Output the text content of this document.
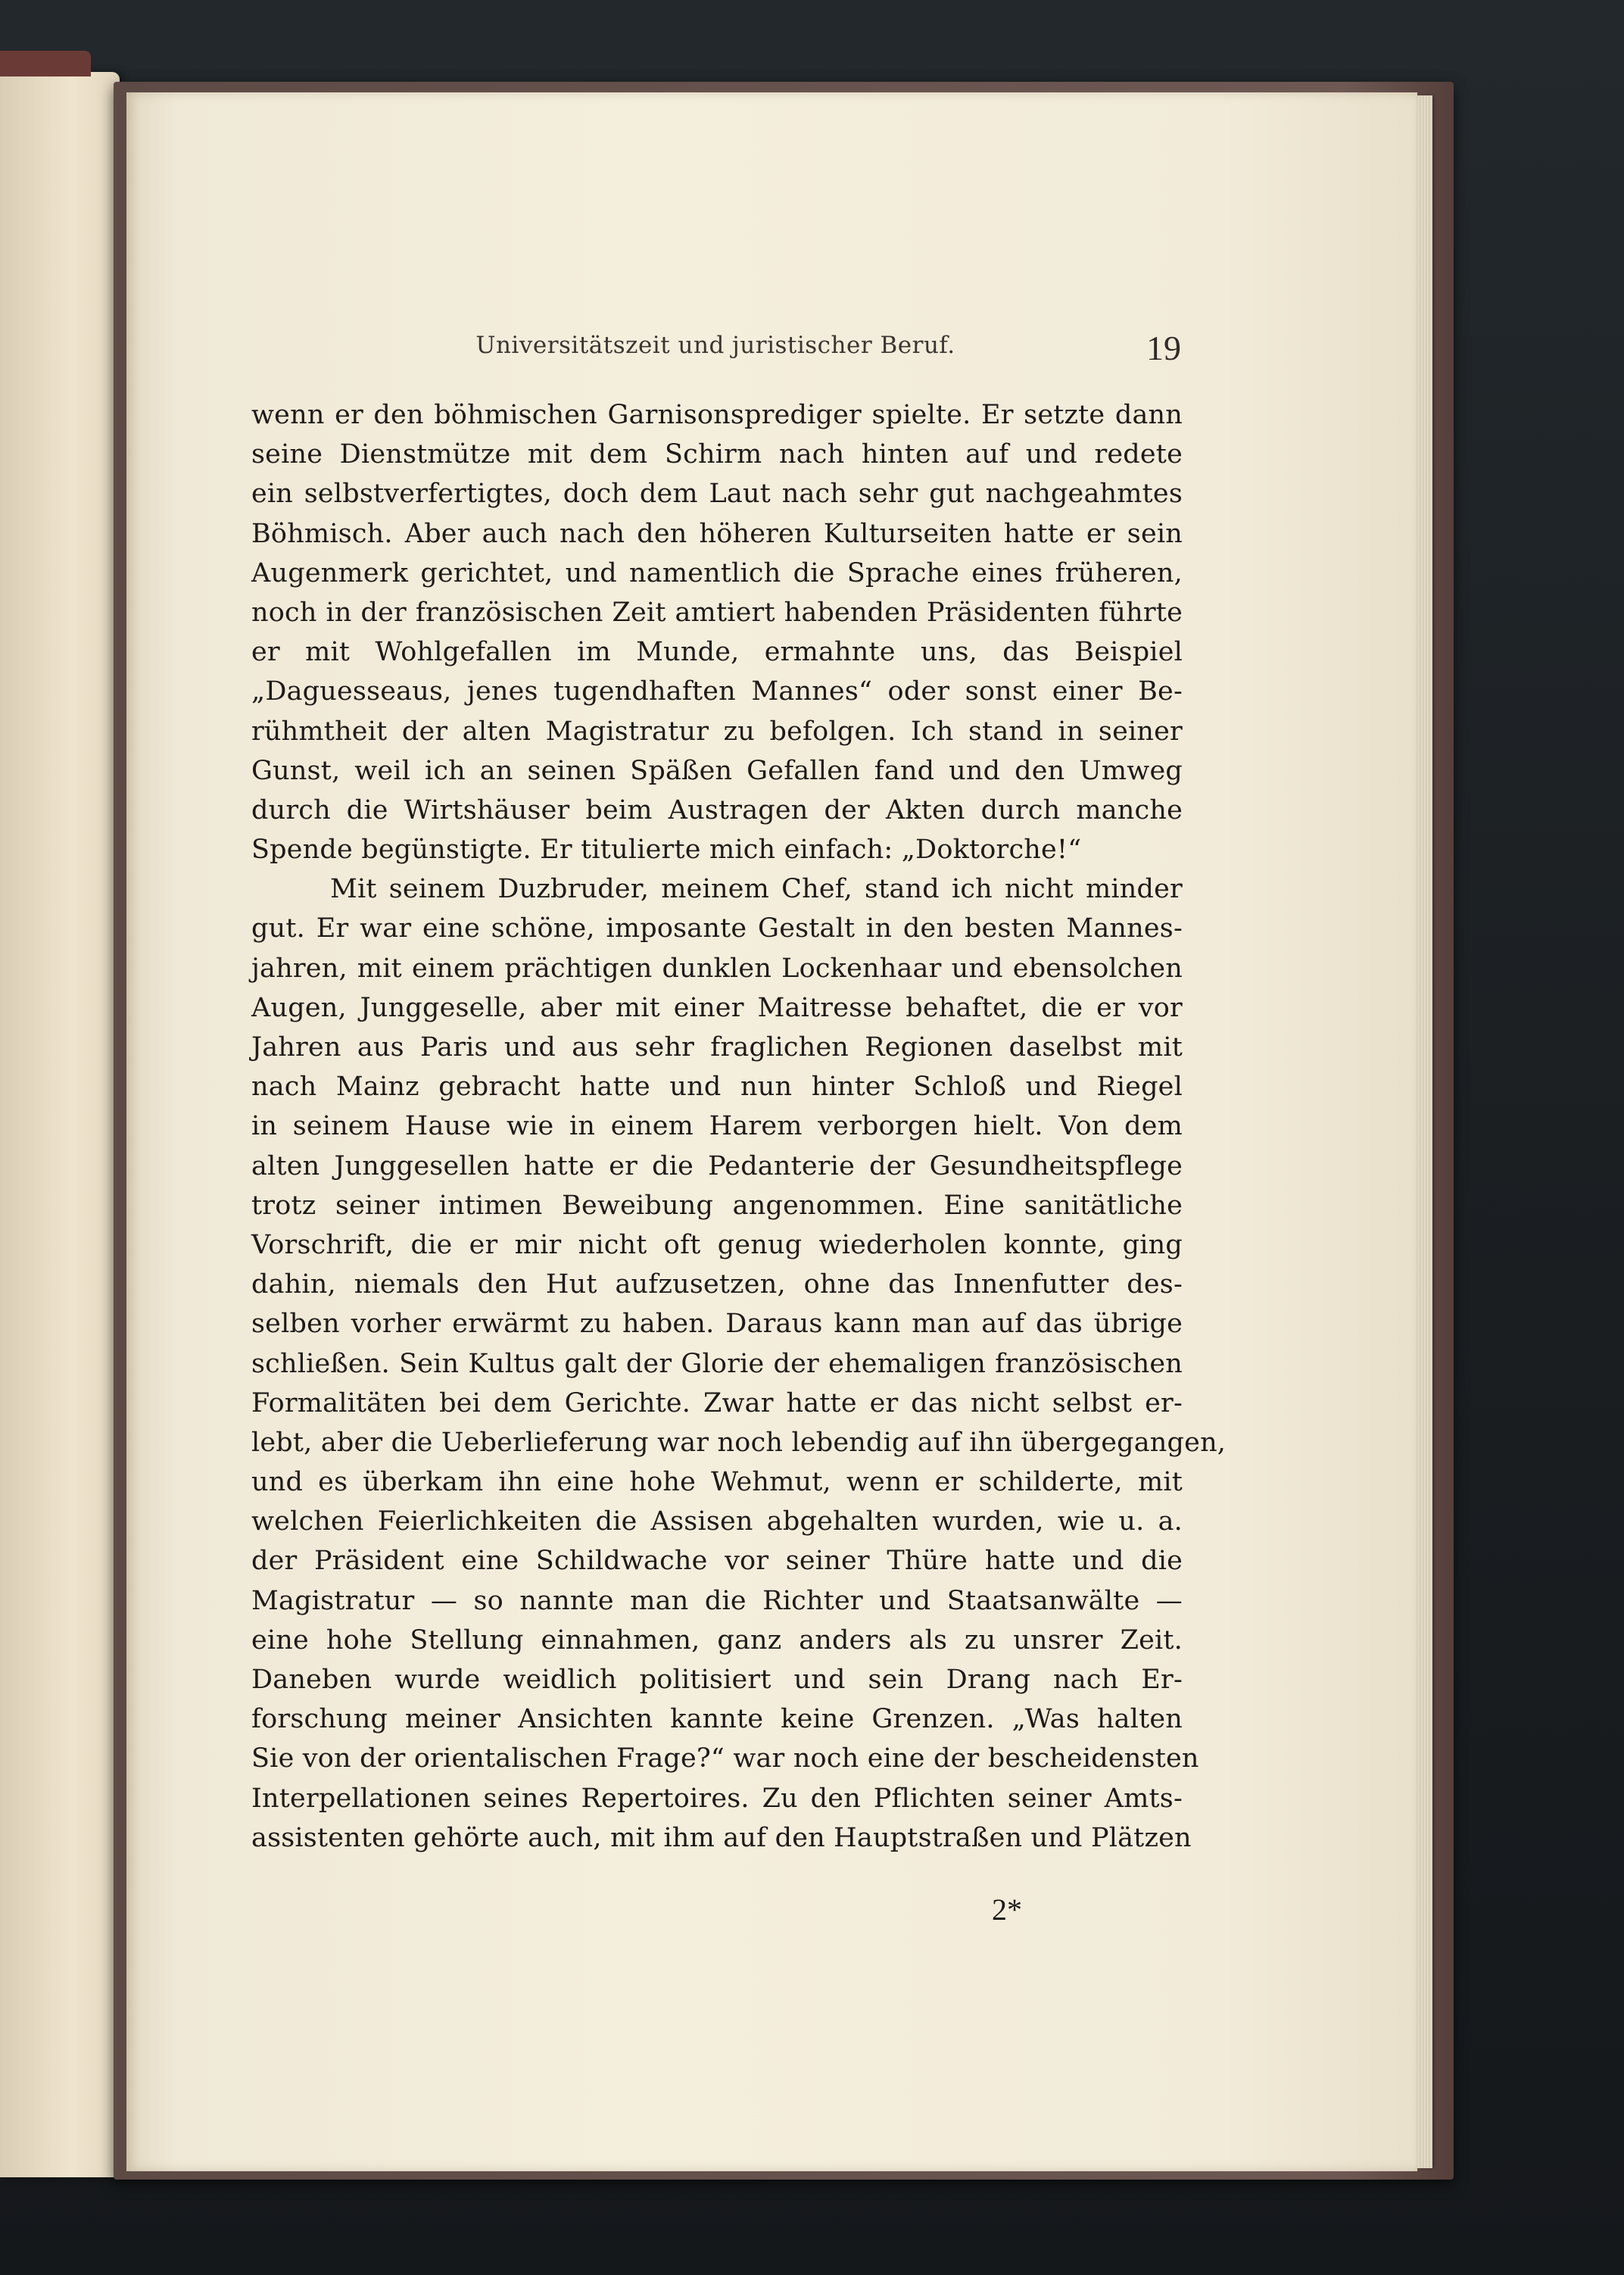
Universitätszeit und juristischer Beruf.	19
wenn er den böhmischen Garnisonsprediger spielte. Er setzte dann
seine Dienstmütze mit dem Schirm nach hinten auf und redete
ein selbstverfertigtes, doch dem Laut nach sehr gut nachgeahmtes
Böhmisch. Aber auch nach den höheren Kulturseiten hatte er sein
Augenmerk gerichtet, und namentlich die Sprache eines früheren,
noch in der französischen Zeit amtiert habenden Präsidenten führte
er mit Wohlgefallen im Munde, ermahnte uns, das Beispiel
„Daguesseaus, jenes tugendhaften Mannes“ oder sonst einer Be-
rühmtheit der alten Magistratur zu befolgen. Ich stand in seiner
Gunst, weil ich an seinen Späßen Gefallen fand und den Umweg
durch die Wirtshäuser beim Austragen der Akten durch manche
Spende begünstigte. Er titulierte mich einfach: „Doktorche!“
Mit seinem Duzbruder, meinem Chef, stand ich nicht minder
gut. Er war eine schöne, imposante Gestalt in den besten Mannes-
jahren, mit einem prächtigen dunklen Lockenhaar und ebensolchen
Augen, Junggeselle, aber mit einer Maitresse behaftet, die er vor
Jahren aus Paris und aus sehr fraglichen Regionen daselbst mit
nach Mainz gebracht hatte und nun hinter Schloß und Riegel
in seinem Hause wie in einem Harem verborgen hielt. Von dem
alten Junggesellen hatte er die Pedanterie der Gesundheitspflege
trotz seiner intimen Beweibung angenommen. Eine sanitätliche
Vorschrift, die er mir nicht oft genug wiederholen konnte, ging
dahin, niemals den Hut aufzusetzen, ohne das Innenfutter des-
selben vorher erwärmt zu haben. Daraus kann man auf das übrige
schließen. Sein Kultus galt der Glorie der ehemaligen französischen
Formalitäten bei dem Gerichte. Zwar hatte er das nicht selbst er-
lebt, aber die Ueberlieferung war noch lebendig auf ihn übergegangen,
und es überkam ihn eine hohe Wehmut, wenn er schilderte, mit
welchen Feierlichkeiten die Assisen abgehalten wurden, wie u. a.
der Präsident eine Schildwache vor seiner Thüre hatte und die
Magistratur — so nannte man die Richter und Staatsanwälte —
eine hohe Stellung einnahmen, ganz anders als zu unsrer Zeit.
Daneben wurde weidlich politisiert und sein Drang nach Er-
forschung meiner Ansichten kannte keine Grenzen. „Was halten
Sie von der orientalischen Frage?“ war noch eine der bescheidensten
Interpellationen seines Repertoires. Zu den Pflichten seiner Amts-
assistenten gehörte auch, mit ihm auf den Hauptstraßen und Plätzen
2*
